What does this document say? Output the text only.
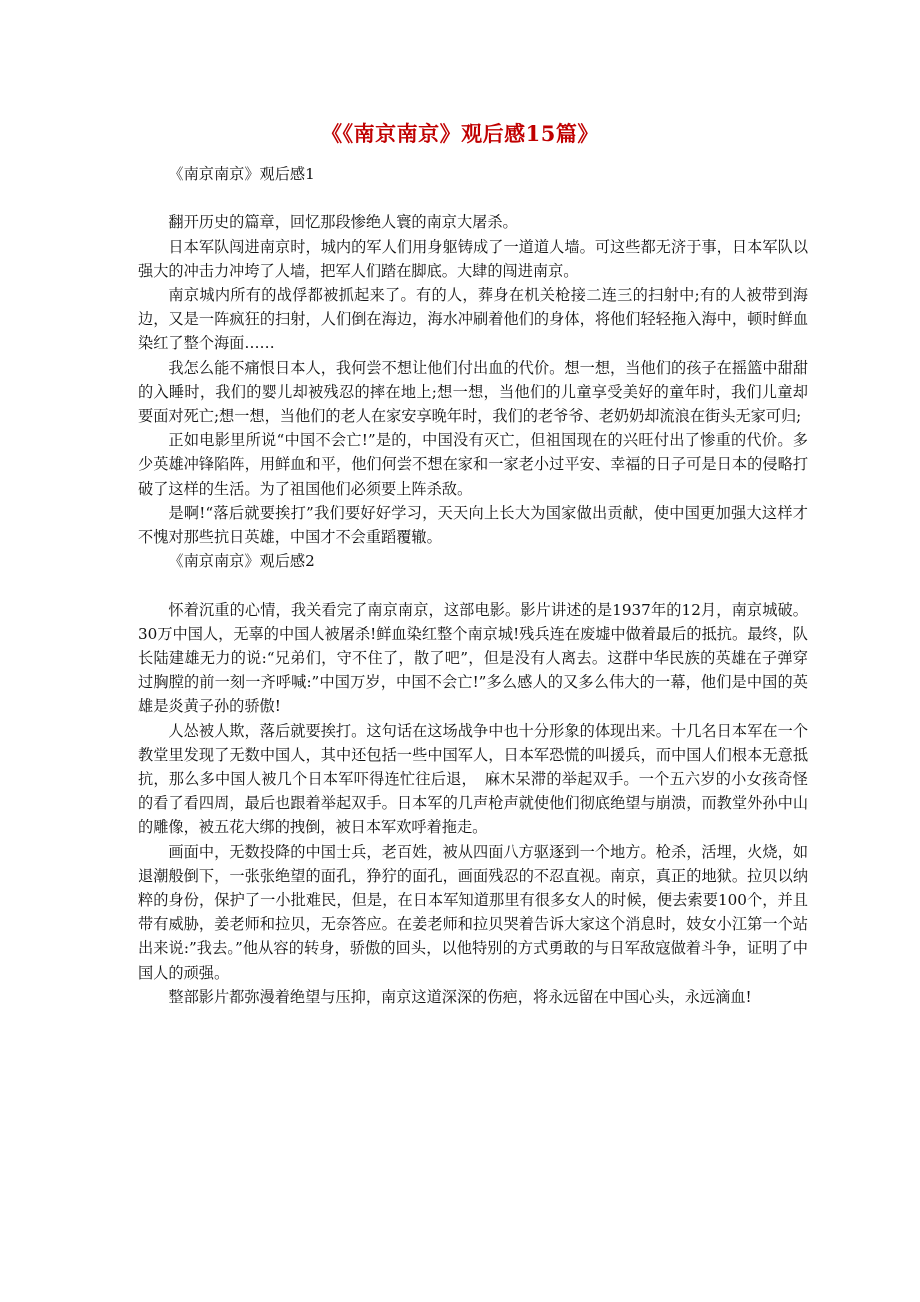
《《南京南京》观后感15篇》

《南京南京》观后感1

翻开历史的篇章，回忆那段惨绝人寰的南京大屠杀。

日本军队闯进南京时，城内的军人们用身躯铸成了一道道人墙。可这些都无济于事，日本军队以强大的冲击力冲垮了人墙，把军人们踏在脚底。大肆的闯进南京。

南京城内所有的战俘都被抓起来了。有的人，葬身在机关枪接二连三的扫射中;有的人被带到海边，又是一阵疯狂的扫射，人们倒在海边，海水冲刷着他们的身体，将他们轻轻拖入海中，顿时鲜血染红了整个海面……

我怎么能不痛恨日本人，我何尝不想让他们付出血的代价。想一想，当他们的孩子在摇篮中甜甜的入睡时，我们的婴儿却被残忍的摔在地上;想一想，当他们的儿童享受美好的童年时，我们儿童却要面对死亡;想一想，当他们的老人在家安享晚年时，我们的老爷爷、老奶奶却流浪在街头无家可归;

正如电影里所说“中国不会亡!”是的，中国没有灭亡，但祖国现在的兴旺付出了惨重的代价。多少英雄冲锋陷阵，用鲜血和平，他们何尝不想在家和一家老小过平安、幸福的日子可是日本的侵略打破了这样的生活。为了祖国他们必须要上阵杀敌。

是啊!“落后就要挨打”我们要好好学习，天天向上长大为国家做出贡献，使中国更加强大这样才不愧对那些抗日英雄，中国才不会重蹈覆辙。

《南京南京》观后感2

怀着沉重的心情，我关看完了南京南京，这部电影。影片讲述的是1937年的12月，南京城破。30万中国人，无辜的中国人被屠杀!鲜血染红整个南京城!残兵连在废墟中做着最后的抵抗。最终，队长陆建雄无力的说:“兄弟们，守不住了，散了吧”，但是没有人离去。这群中华民族的英雄在子弹穿过胸膛的前一刻一齐呼喊:”中国万岁，中国不会亡!”多么感人的又多么伟大的一幕，他们是中国的英雄是炎黄子孙的骄傲!

人怂被人欺，落后就要挨打。这句话在这场战争中也十分形象的体现出来。十几名日本军在一个教堂里发现了无数中国人，其中还包括一些中国军人，日本军恐慌的叫援兵，而中国人们根本无意抵抗，那么多中国人被几个日本军吓得连忙往后退，　麻木呆滞的举起双手。一个五六岁的小女孩奇怪的看了看四周，最后也跟着举起双手。日本军的几声枪声就使他们彻底绝望与崩溃，而教堂外孙中山的雕像，被五花大绑的拽倒，被日本军欢呼着拖走。

画面中，无数投降的中国士兵，老百姓，被从四面八方驱逐到一个地方。枪杀，活埋，火烧，如退潮般倒下，一张张绝望的面孔，狰狞的面孔，画面残忍的不忍直视。南京，真正的地狱。拉贝以纳粹的身份，保护了一小批难民，但是，在日本军知道那里有很多女人的时候，便去索要100个，并且带有威胁，姜老师和拉贝，无奈答应。在姜老师和拉贝哭着告诉大家这个消息时，妓女小江第一个站出来说:”我去。”他从容的转身，骄傲的回头，以他特别的方式勇敢的与日军敌寇做着斗争，证明了中国人的顽强。

整部影片都弥漫着绝望与压抑，南京这道深深的伤疤，将永远留在中国心头，永远滴血!
